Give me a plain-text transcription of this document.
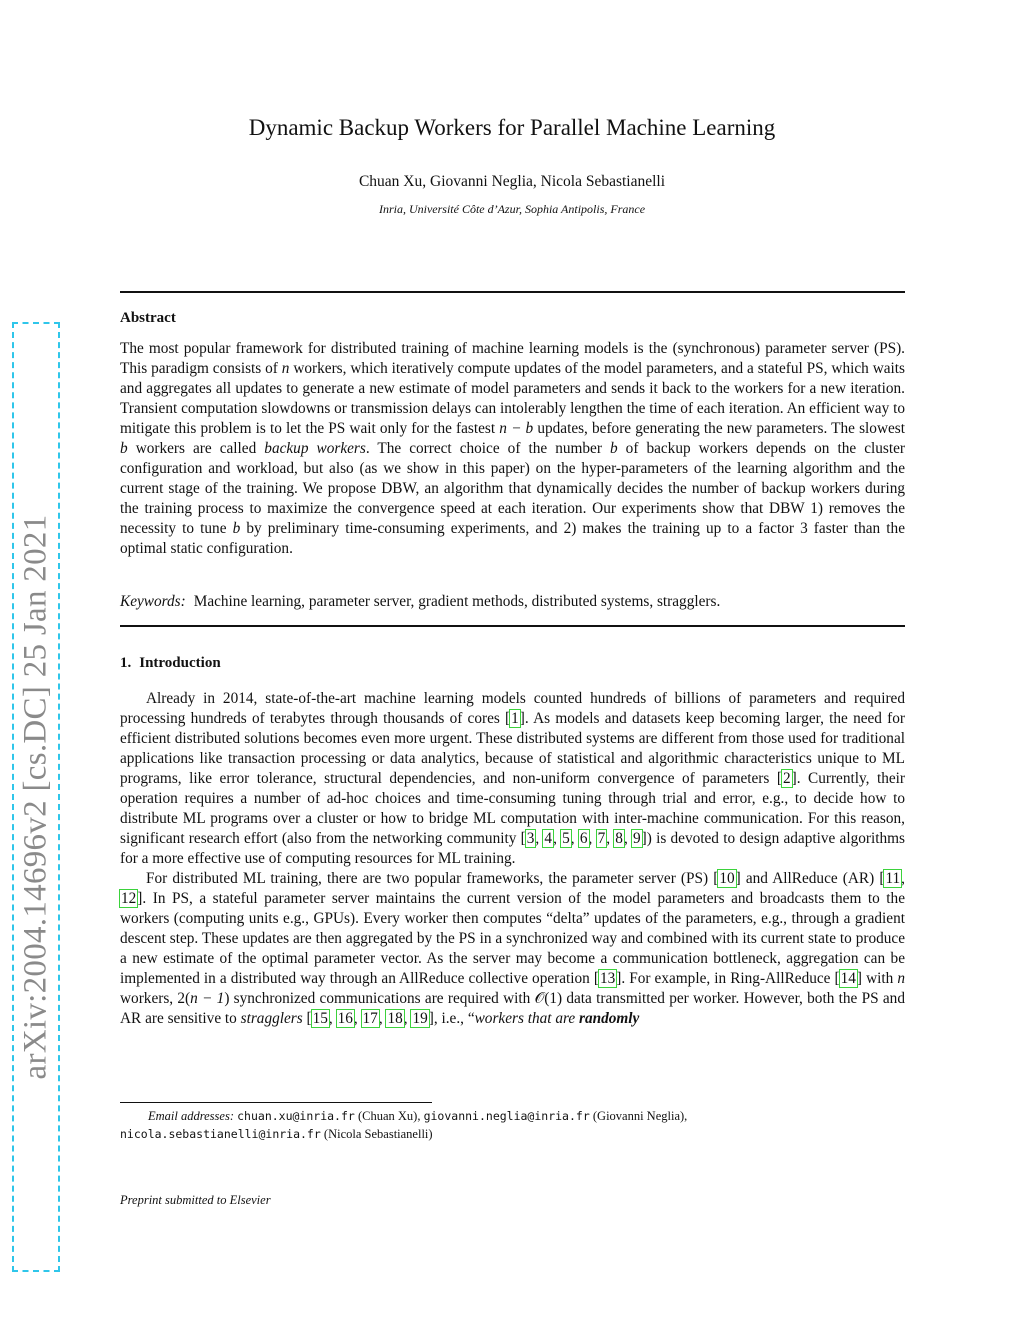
arXiv:2004.14696v2 [cs.DC] 25 Jan 2021
Dynamic Backup Workers for Parallel Machine Learning
Chuan Xu, Giovanni Neglia, Nicola Sebastianelli
Inria, Université Côte d’Azur, Sophia Antipolis, France
Abstract
The most popular framework for distributed training of machine learning models is the (synchronous) parameter server (PS). This paradigm consists of n workers, which iteratively compute updates of the model parameters, and a stateful PS, which waits and aggregates all updates to generate a new estimate of model parameters and sends it back to the workers for a new iteration. Transient computation slowdowns or transmission delays can intolerably lengthen the time of each iteration. An efficient way to mitigate this problem is to let the PS wait only for the fastest n − b updates, before generating the new parameters. The slowest b workers are called backup workers. The correct choice of the number b of backup workers depends on the cluster configuration and workload, but also (as we show in this paper) on the hyper-parameters of the learning algorithm and the current stage of the training. We propose DBW, an algorithm that dynamically decides the number of backup workers during the training process to maximize the convergence speed at each iteration. Our experiments show that DBW 1) removes the necessity to tune b by preliminary time-consuming experiments, and 2) makes the training up to a factor 3 faster than the optimal static configuration.
Keywords: Machine learning, parameter server, gradient methods, distributed systems, stragglers.
1. Introduction

Already in 2014, state-of-the-art machine learning models counted hundreds of billions of parameters and required processing hundreds of terabytes through thousands of cores [1]. As models and datasets keep becoming larger, the need for efficient distributed solutions becomes even more urgent. These distributed systems are different from those used for traditional applications like transaction processing or data analytics, because of statistical and algorithmic characteristics unique to ML programs, like error tolerance, structural dependencies, and non-uniform convergence of parameters [2]. Currently, their operation requires a number of ad-hoc choices and time-consuming tuning through trial and error, e.g., to decide how to distribute ML programs over a cluster or how to bridge ML computation with inter-machine communication. For this reason, significant research effort (also from the networking community [3, 4, 5, 6, 7, 8, 9]) is devoted to design adaptive algorithms for a more effective use of computing resources for ML training.

For distributed ML training, there are two popular frameworks, the parameter server (PS) [10] and AllReduce (AR) [11, 12]. In PS, a stateful parameter server maintains the current version of the model parameters and broadcasts them to the workers (computing units e.g., GPUs). Every worker then computes “delta” updates of the parameters, e.g., through a gradient descent step. These updates are then aggregated by the PS in a synchronized way and combined with its current state to produce a new estimate of the optimal parameter vector. As the server may become a communication bottleneck, aggregation can be implemented in a distributed way through an AllReduce collective operation [13]. For example, in Ring-AllReduce [14] with n workers, 2(n − 1) synchronized communications are required with 𝒪(1) data transmitted per worker. However, both the PS and AR are sensitive to stragglers [15, 16, 17, 18, 19], i.e., “workers that are randomly

Email addresses: chuan.xu@inria.fr (Chuan Xu), giovanni.neglia@inria.fr (Giovanni Neglia),
nicola.sebastianelli@inria.fr (Nicola Sebastianelli)
Preprint submitted to Elsevier
